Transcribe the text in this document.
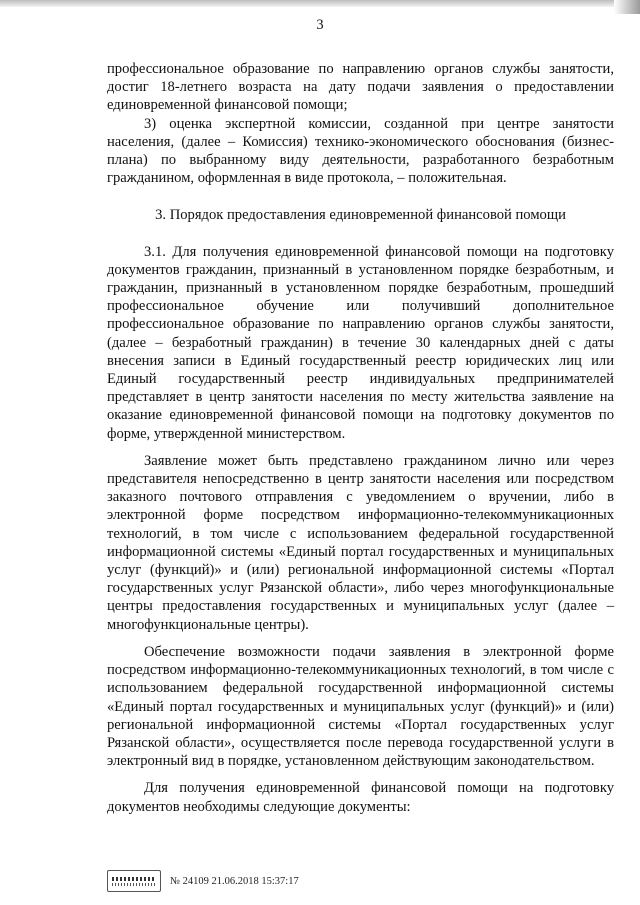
3

профессиональное образование по направлению органов службы занятости, достиг 18-летнего возраста на дату подачи заявления о предоставлении единовременной финансовой помощи;

3) оценка экспертной комиссии, созданной при центре занятости населения, (далее – Комиссия) технико-экономического обоснования (бизнес-плана) по выбранному виду деятельности, разработанного безработным гражданином, оформленная в виде протокола, – положительная.

3. Порядок предоставления единовременной финансовой помощи

3.1. Для получения единовременной финансовой помощи на подготовку документов гражданин, признанный в установленном порядке безработным, и гражданин, признанный в установленном порядке безработным, прошедший профессиональное обучение или получивший дополнительное профессиональное образование по направлению органов службы занятости, (далее – безработный гражданин) в течение 30 календарных дней с даты внесения записи в Единый государственный реестр юридических лиц или Единый государственный реестр индивидуальных предпринимателей представляет в центр занятости населения по месту жительства заявление на оказание единовременной финансовой помощи на подготовку документов по форме, утвержденной министерством.

Заявление может быть представлено гражданином лично или через представителя непосредственно в центр занятости населения или посредством заказного почтового отправления с уведомлением о вручении, либо в электронной форме посредством информационно-телекоммуникационных технологий, в том числе с использованием федеральной государственной информационной системы «Единый портал государственных и муниципальных услуг (функций)» и (или) региональной информационной системы «Портал государственных услуг Рязанской области», либо через многофункциональные центры предоставления государственных и муниципальных услуг (далее – многофункциональные центры).

Обеспечение возможности подачи заявления в электронной форме посредством информационно-телекоммуникационных технологий, в том числе с использованием федеральной государственной информационной системы «Единый портал государственных и муниципальных услуг (функций)» и (или) региональной информационной системы «Портал государственных услуг Рязанской области», осуществляется после перевода государственной услуги в электронный вид в порядке, установленном действующим законодательством.

Для получения единовременной финансовой помощи на подготовку документов необходимы следующие документы:

№ 24109 21.06.2018 15:37:17
